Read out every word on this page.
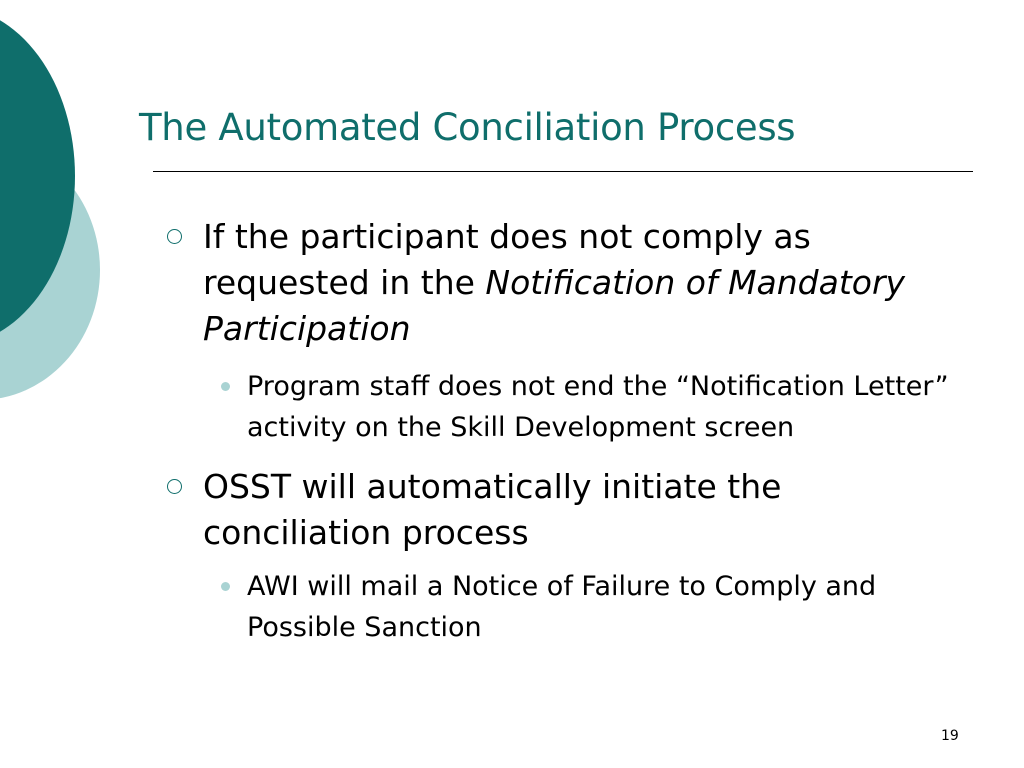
The Automated Conciliation Process

If the participant does not comply as requested in the Notification of Mandatory Participation

Program staff does not end the “Notification Letter” activity on the Skill Development screen

OSST will automatically initiate the conciliation process

AWI will mail a Notice of Failure to Comply and Possible Sanction

19
